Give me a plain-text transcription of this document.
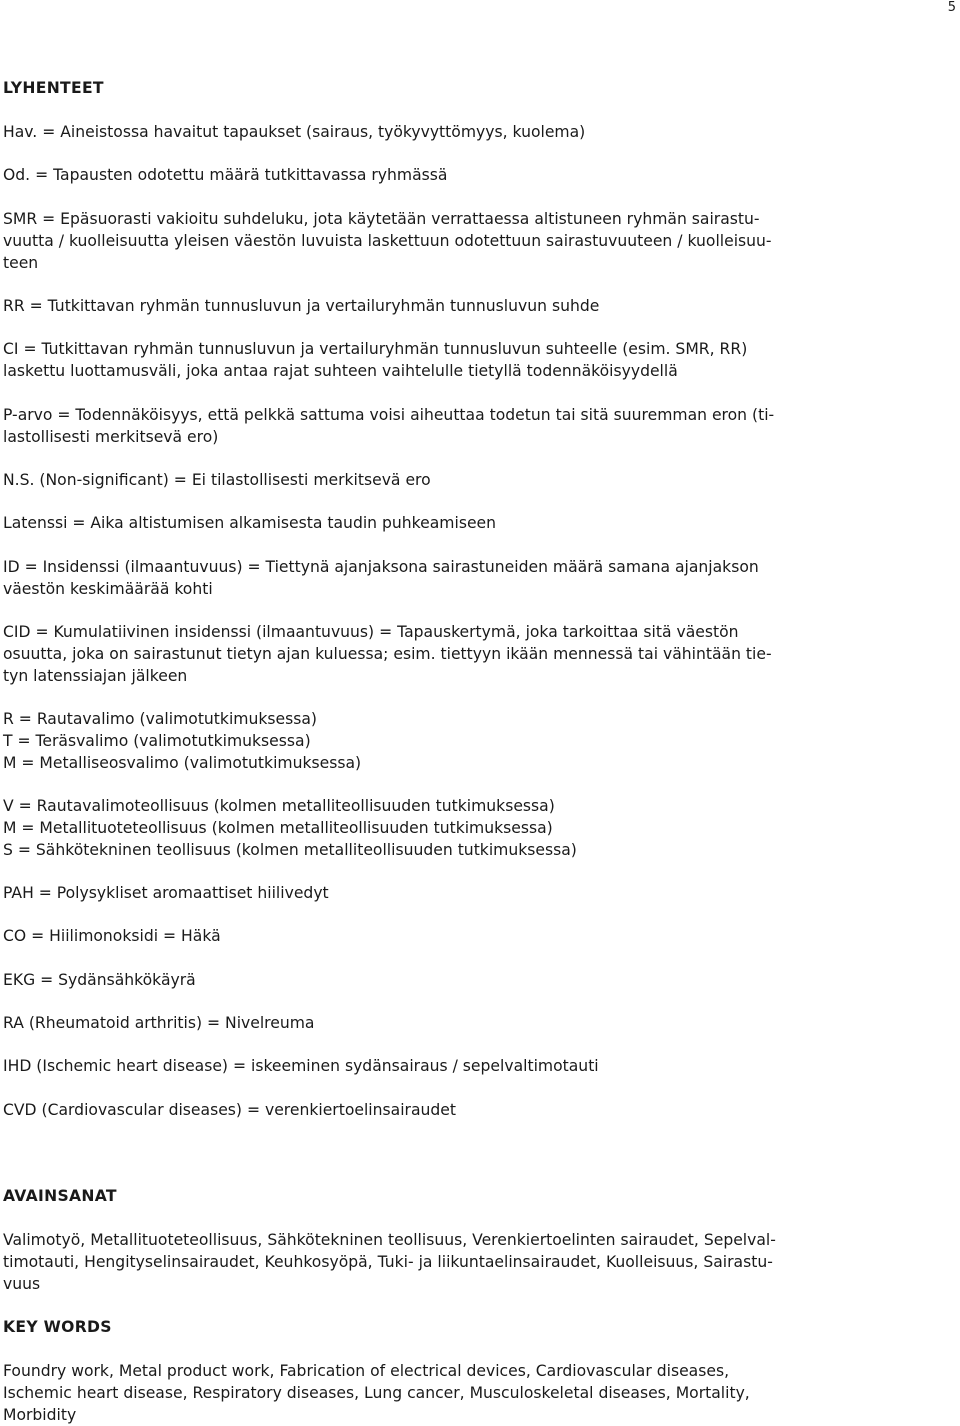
5
LYHENTEET
Hav. = Aineistossa havaitut tapaukset (sairaus, työkyvyttömyys, kuolema)
Od. = Tapausten odotettu määrä tutkittavassa ryhmässä
SMR = Epäsuorasti vakioitu suhdeluku, jota käytetään verrattaessa altistuneen ryhmän sairastu-
vuutta / kuolleisuutta yleisen väestön luvuista laskettuun odotettuun sairastuvuuteen / kuolleisuu-
teen
RR = Tutkittavan ryhmän tunnusluvun ja vertailuryhmän tunnusluvun suhde
CI = Tutkittavan ryhmän tunnusluvun ja vertailuryhmän tunnusluvun suhteelle (esim. SMR, RR)
laskettu luottamusväli, joka antaa rajat suhteen vaihtelulle tietyllä todennäköisyydellä
P-arvo = Todennäköisyys, että pelkkä sattuma voisi aiheuttaa todetun tai sitä suuremman eron (ti-
lastollisesti merkitsevä ero)
N.S. (Non-significant) = Ei tilastollisesti merkitsevä ero
Latenssi = Aika altistumisen alkamisesta taudin puhkeamiseen
ID = Insidenssi (ilmaantuvuus) = Tiettynä ajanjaksona sairastuneiden määrä samana ajanjakson
väestön keskimäärää kohti
CID = Kumulatiivinen insidenssi (ilmaantuvuus) = Tapauskertymä, joka tarkoittaa sitä väestön
osuutta, joka on sairastunut tietyn ajan kuluessa; esim. tiettyyn ikään mennessä tai vähintään tie-
tyn latenssiajan jälkeen
R = Rautavalimo (valimotutkimuksessa)
T = Teräsvalimo (valimotutkimuksessa)
M = Metalliseosvalimo (valimotutkimuksessa)
V = Rautavalimoteollisuus (kolmen metalliteollisuuden tutkimuksessa)
M = Metallituoteteollisuus (kolmen metalliteollisuuden tutkimuksessa)
S = Sähkötekninen teollisuus (kolmen metalliteollisuuden tutkimuksessa)
PAH = Polysykliset aromaattiset hiilivedyt
CO = Hiilimonoksidi = Häkä
EKG = Sydänsähkökäyrä
RA (Rheumatoid arthritis) = Nivelreuma
IHD (Ischemic heart disease) = iskeeminen sydänsairaus / sepelvaltimotauti
CVD (Cardiovascular diseases) = verenkiertoelinsairaudet
AVAINSANAT
Valimotyö, Metallituoteteollisuus, Sähkötekninen teollisuus, Verenkiertoelinten sairaudet, Sepelval-
timotauti, Hengityselinsairaudet, Keuhkosyöpä, Tuki- ja liikuntaelinsairaudet, Kuolleisuus, Sairastu-
vuus
KEY WORDS
Foundry work, Metal product work, Fabrication of electrical devices, Cardiovascular diseases,
Ischemic heart disease, Respiratory diseases, Lung cancer, Musculoskeletal diseases, Mortality,
Morbidity
